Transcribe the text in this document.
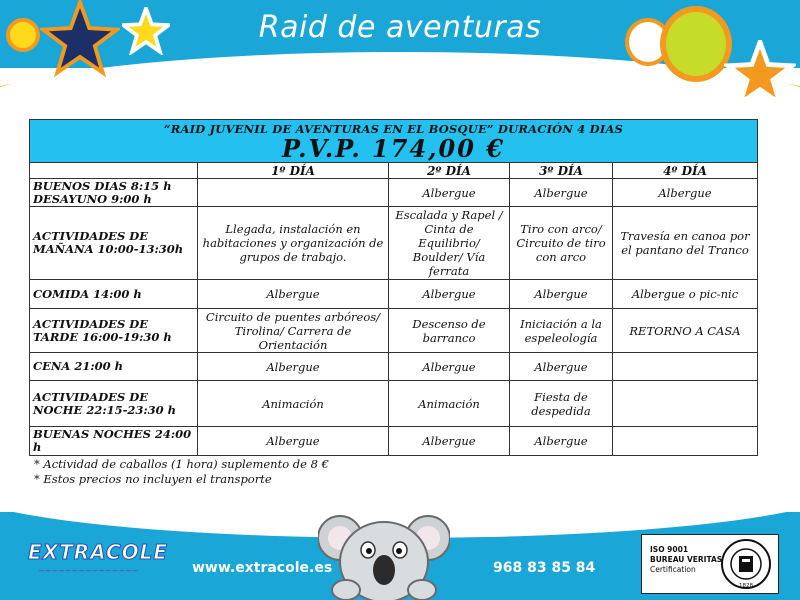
Raid de aventuras
“RAID JUVENIL DE AVENTURAS EN EL BOSQUE” DURACIÓN 4 DIAS
P.V.P. 174,00 €				

	1º DÍA	2º DÍA	3º DÍA	4º DÍA
BUENOS DIAS 8:15 h DESAYUNO 9:00 h		Albergue	Albergue	Albergue
ACTIVIDADES DE MAÑANA 10:00-13:30h	Llegada, instalación en habitaciones y organización de grupos de trabajo.	Escalada y Rapel / Cinta de Equilibrio/ Boulder/ Vía ferrata	Tiro con arco/ Circuito de tiro con arco	Travesía en canoa por el pantano del Tranco
COMIDA 14:00 h	Albergue	Albergue	Albergue	Albergue o pic-nic
ACTIVIDADES DE TARDE 16:00-19:30 h	Circuito de puentes arbóreos/ Tirolina/ Carrera de Orientación	Descenso de barranco	Iniciación a la espeleología	RETORNO A CASA
CENA 21:00 h	Albergue	Albergue	Albergue	
ACTIVIDADES DE NOCHE 22:15-23:30 h	Animación	Animación	Fiesta de despedida	
BUENAS NOCHES 24:00 h	Albergue	Albergue	Albergue	
* Actividad de caballos (1 hora) suplemento de 8 €
* Estos precios no incluyen el transporte
EXTRACOLE
~~~~~~~~~~~~~~~	www.extracole.es	968 83 85 84
ISO 9001
BUREAU VERITAS
Certification
1828
